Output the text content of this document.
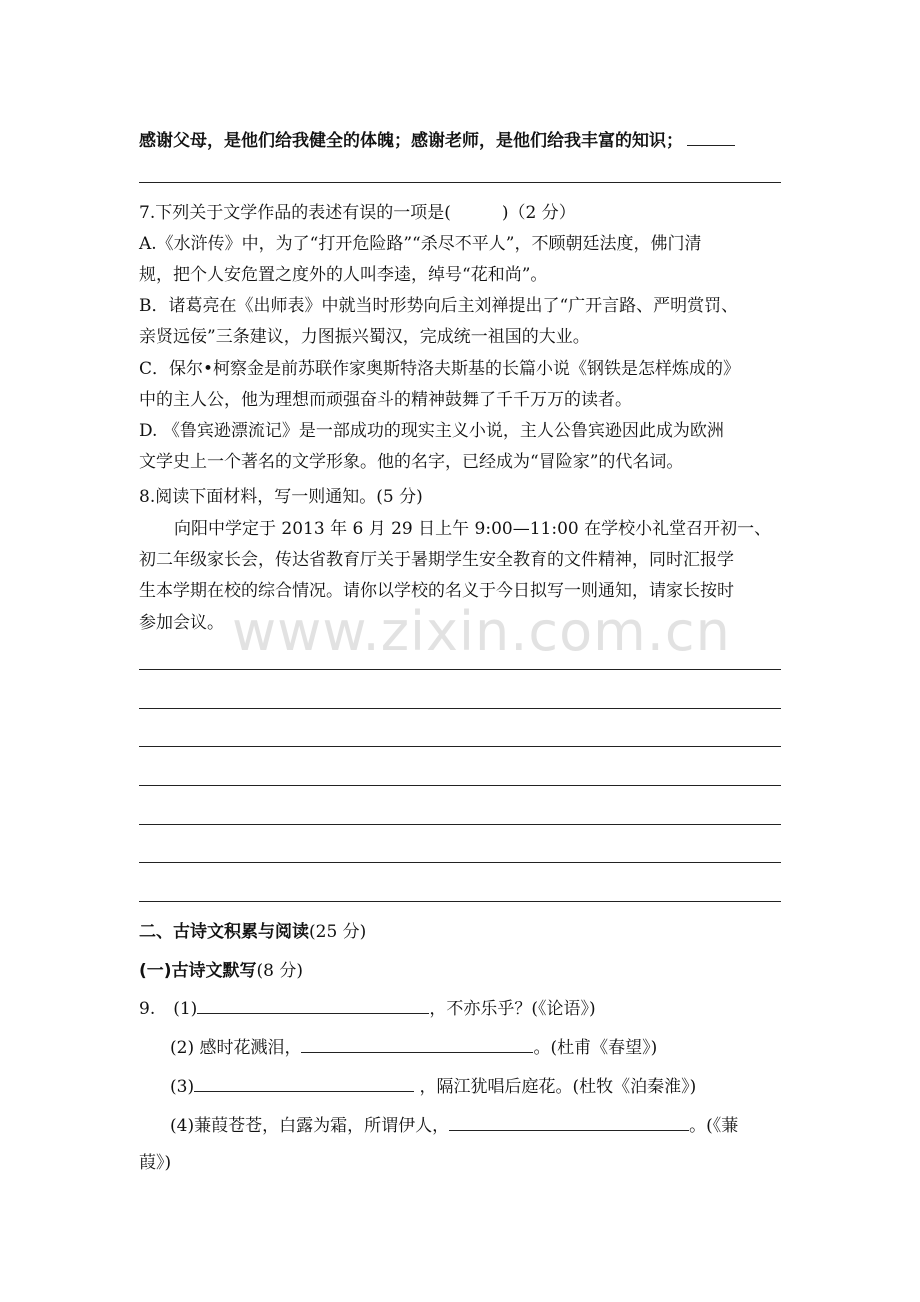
感谢父母，是他们给我健全的体魄；感谢老师，是他们给我丰富的知识；
7.下列关于文学作品的表述有误的一项是(　　　)（2 分）
A.《水浒传》中，为了“打开危险路”“杀尽不平人”，不顾朝廷法度，佛门清
规，把个人安危置之度外的人叫李逵，绰号“花和尚”。
B．诸葛亮在《出师表》中就当时形势向后主刘禅提出了“广开言路、严明赏罚、
亲贤远佞”三条建议，力图振兴蜀汉，完成统一祖国的大业。
C．保尔•柯察金是前苏联作家奥斯特洛夫斯基的长篇小说《钢铁是怎样炼成的》
中的主人公，他为理想而顽强奋斗的精神鼓舞了千千万万的读者。
D. 《鲁宾逊漂流记》是一部成功的现实主义小说，主人公鲁宾逊因此成为欧洲
文学史上一个著名的文学形象。他的名字，已经成为“冒险家”的代名词。
8.阅读下面材料，写一则通知。(5 分)
向阳中学定于 2013 年 6 月 29 日上午 9:00—11:00 在学校小礼堂召开初一、
初二年级家长会，传达省教育厅关于暑期学生安全教育的文件精神，同时汇报学
生本学期在校的综合情况。请你以学校的名义于今日拟写一则通知，请家长按时
参加会议。 www.zixin.com.cn
二、古诗文积累与阅读(25 分)
(一)古诗文默写(8 分)
9. (1)	，不亦乐乎？(《论语》)
(2) 感时花溅泪，	。(杜甫《春望》)
(3)	，隔江犹唱后庭花。(杜牧《泊秦淮》)
(4)蒹葭苍苍，白露为霜，所谓伊人，	。(《蒹
葭》)
